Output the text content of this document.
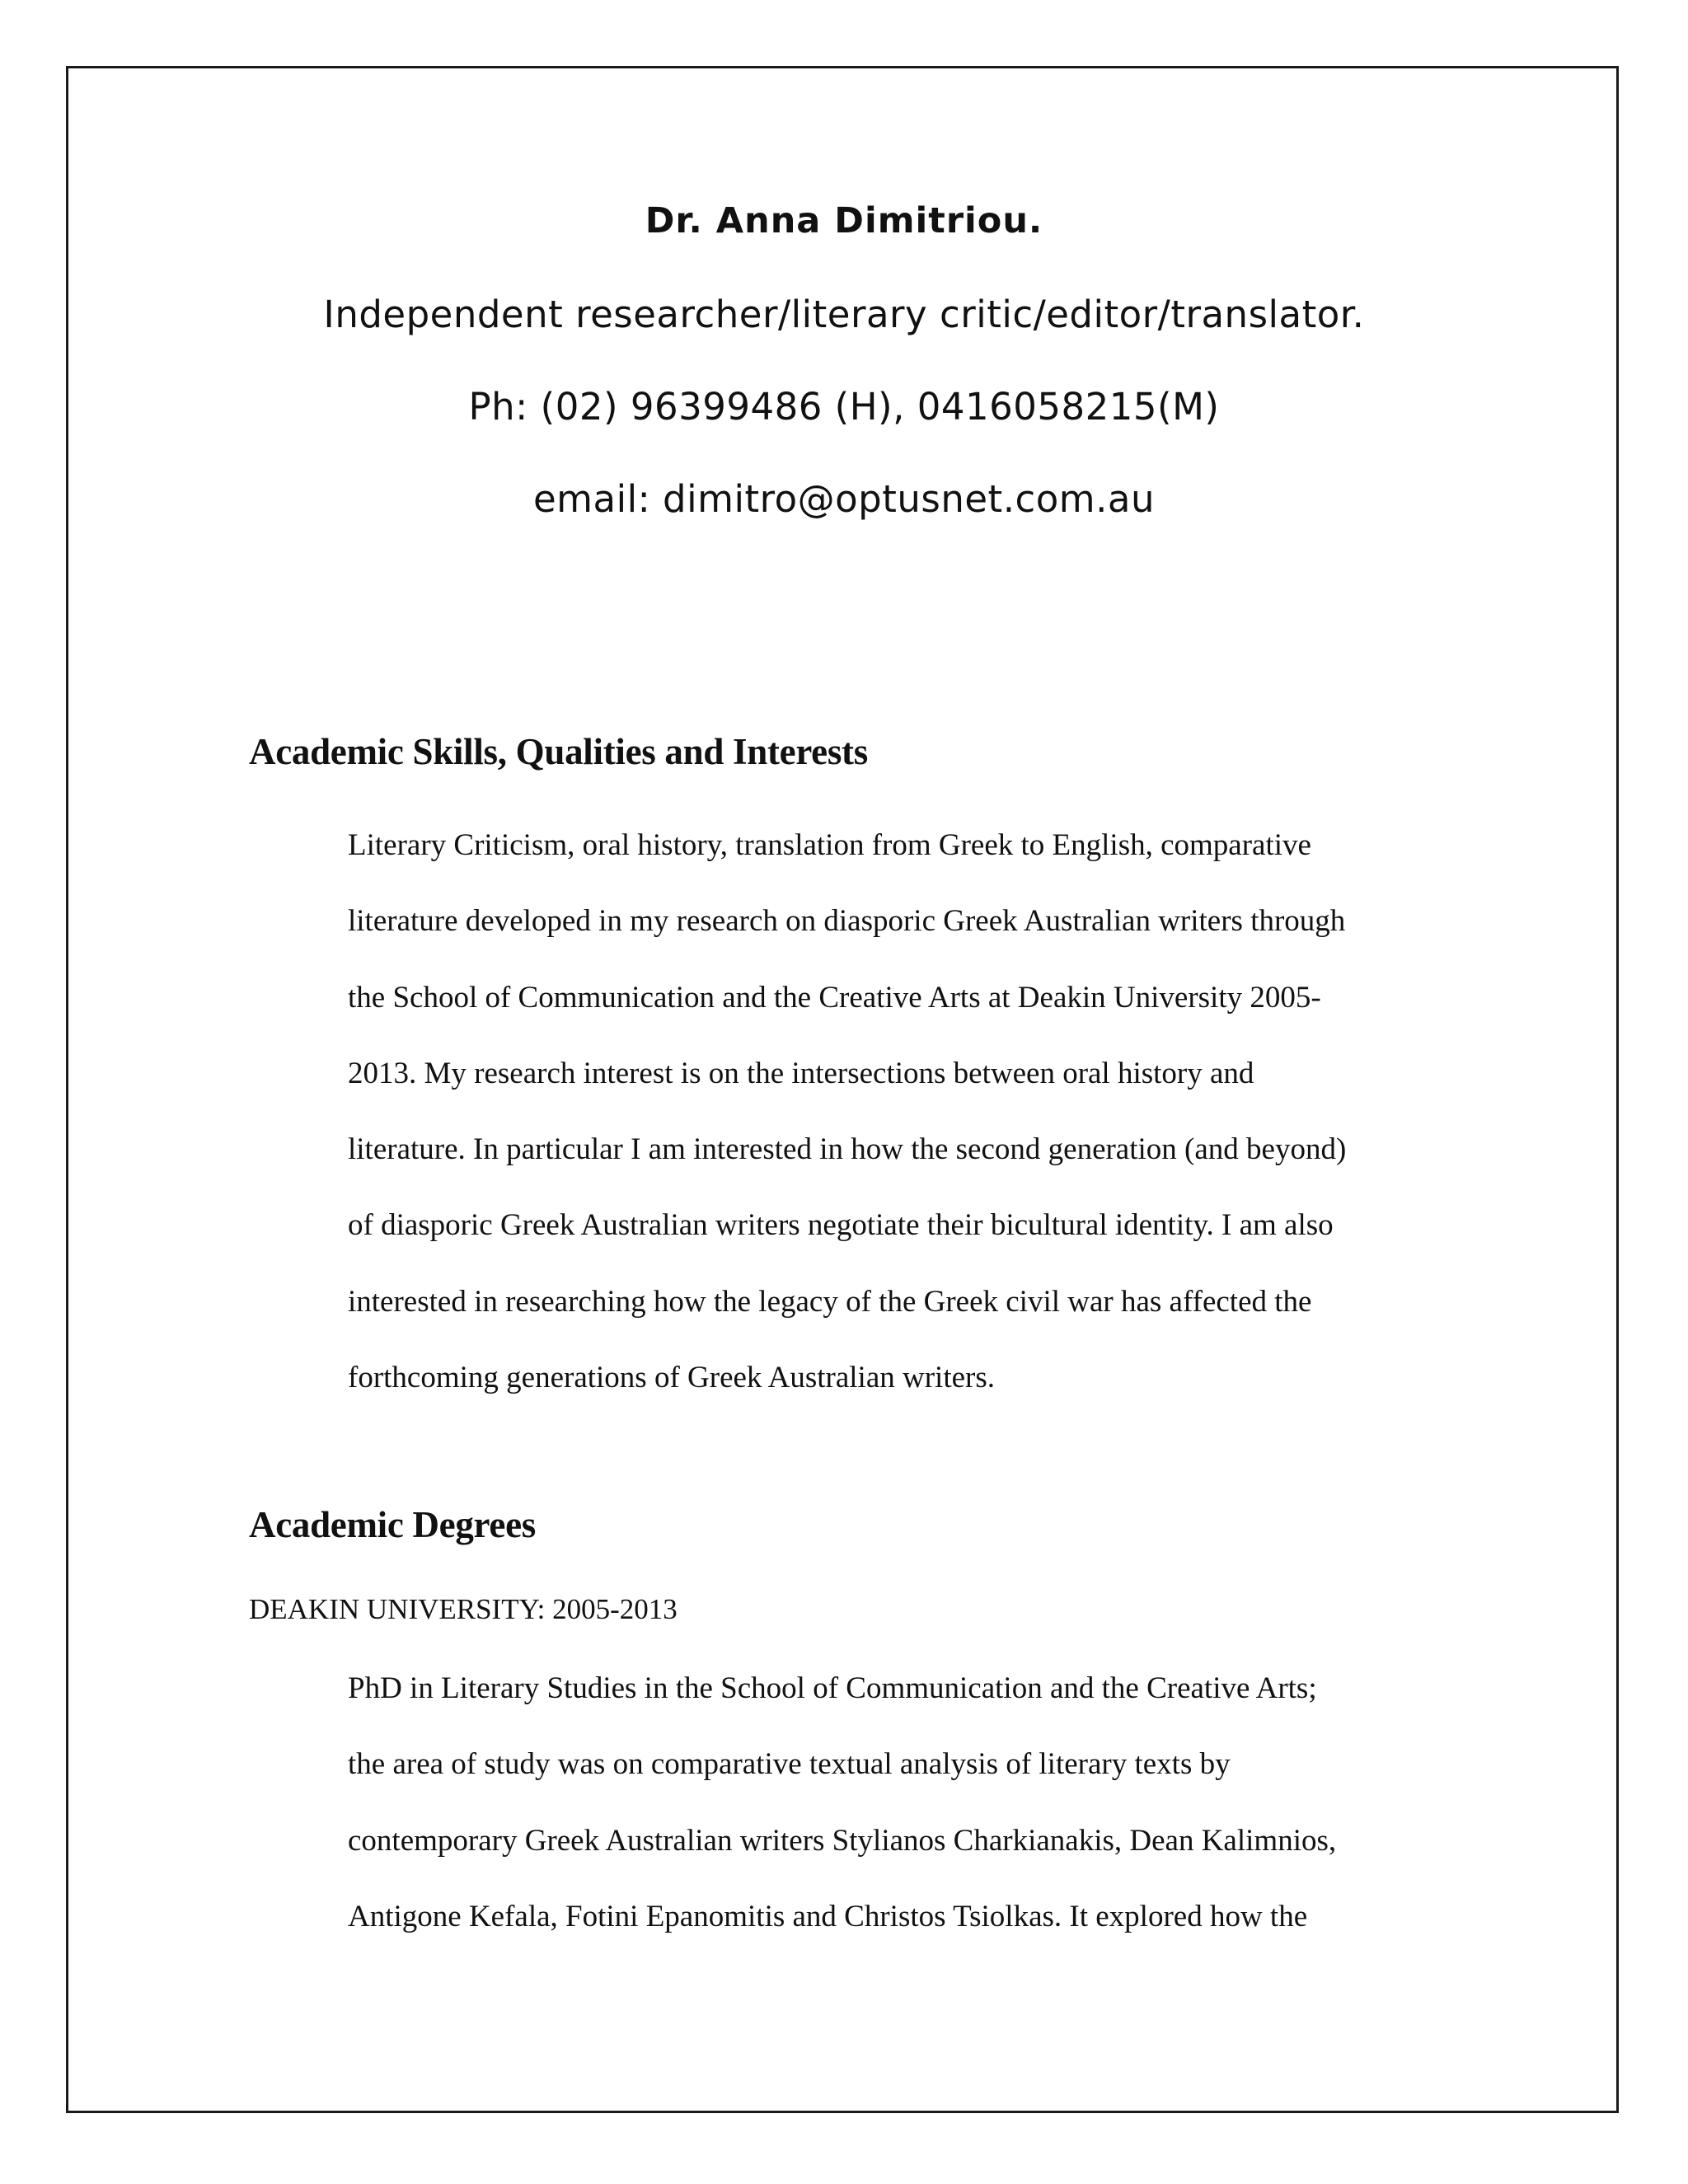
Dr. Anna Dimitriou.

Independent researcher/literary critic/editor/translator.

Ph: (02) 96399486 (H), 0416058215(M)

email: dimitro@optusnet.com.au

Academic Skills, Qualities and Interests
Literary Criticism, oral history, translation from Greek to English, comparative
literature developed in my research on diasporic Greek Australian writers through
the School of Communication and the Creative Arts at Deakin University 2005-
2013. My research interest is on the intersections between oral history and
literature. In particular I am interested in how the second generation (and beyond)
of diasporic Greek Australian writers negotiate their bicultural identity. I am also
interested in researching how the legacy of the Greek civil war has affected the
forthcoming generations of Greek Australian writers.
Academic Degrees

DEAKIN UNIVERSITY: 2005-2013

PhD in Literary Studies in the School of Communication and the Creative Arts;
the area of study was on comparative textual analysis of literary texts by
contemporary Greek Australian writers Stylianos Charkianakis, Dean Kalimnios,
Antigone Kefala, Fotini Epanomitis and Christos Tsiolkas. It explored how the
